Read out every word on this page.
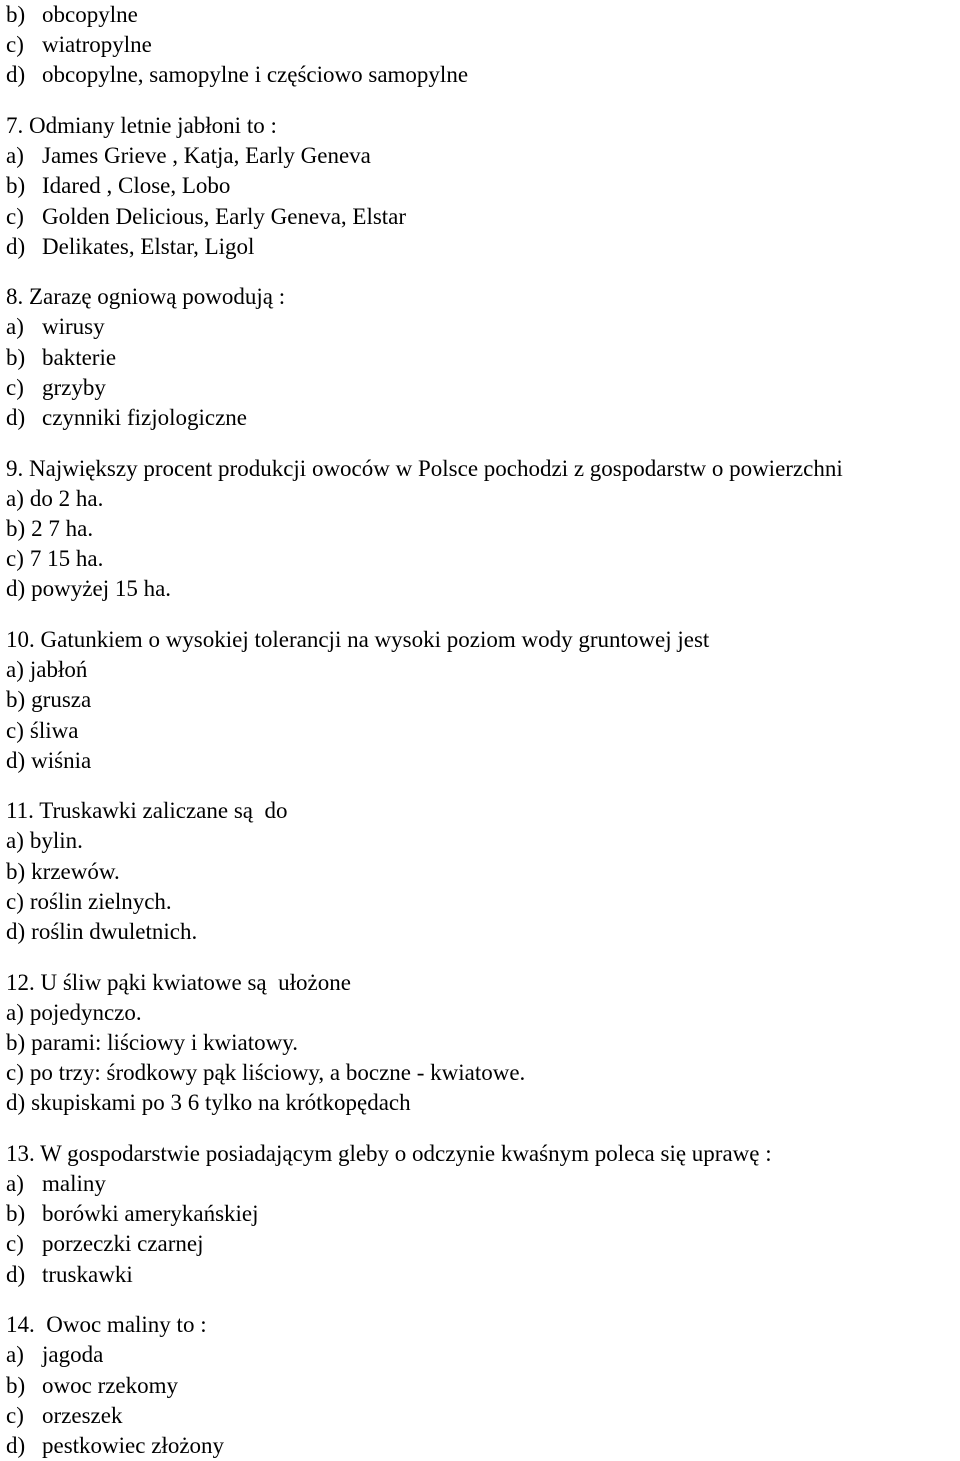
b) obcopylne
c) wiatropylne
d) obcopylne, samopylne i częściowo samopylne
7. Odmiany letnie jabłoni to :
a) James Grieve , Katja, Early Geneva
b) Idared , Close, Lobo
c) Golden Delicious, Early Geneva, Elstar
d) Delikates, Elstar, Ligol
8. Zarazę ogniową powodują :
a) wirusy
b) bakterie
c) grzyby
d) czynniki fizjologiczne
9. Największy procent produkcji owoców w Polsce pochodzi z gospodarstw o powierzchni
a) do 2 ha.
b) 2 7 ha.
c) 7 15 ha.
d) powyżej 15 ha.
10. Gatunkiem o wysokiej tolerancji na wysoki poziom wody gruntowej jest
a) jabłoń
b) grusza
c) śliwa
d) wiśnia
11. Truskawki zaliczane są  do
a) bylin.
b) krzewów.
c) roślin zielnych.
d) roślin dwuletnich.
12. U śliw pąki kwiatowe są  ułożone
a) pojedynczo.
b) parami: liściowy i kwiatowy.
c) po trzy: środkowy pąk liściowy, a boczne - kwiatowe.
d) skupiskami po 3 6 tylko na krótkopędach
13. W gospodarstwie posiadającym gleby o odczynie kwaśnym poleca się uprawę :
a) maliny
b) borówki amerykańskiej
c) porzeczki czarnej
d) truskawki
14.  Owoc maliny to :
a) jagoda
b) owoc rzekomy
c) orzeszek
d) pestkowiec złożony
